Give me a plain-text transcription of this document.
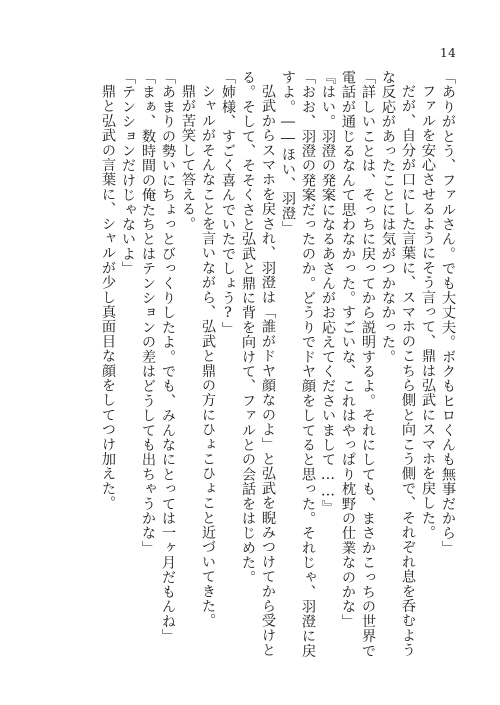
14
「ありがとう、ファルさん。でも大丈夫。ボクもヒロくんも無事だから」
ファルを安心させるようにそう言って、鼎は弘武にスマホを戻した。
だが、自分が口にした言葉に、スマホのこちら側と向こう側で、それぞれ息を呑むよう
な反応があったことには気がつかなかった。
「詳しいことは、そっちに戻ってから説明するよ。それにしても、まさかこっちの世界で
電話が通じるなんて思わなかった。すごいな、これはやっぱり枕野の仕業なのかな」
『はい。羽澄の発案になるあさんがお応えてくださいまして……』
「おお、羽澄の発案だったのか。どうりでドヤ顔をしてると思った。それじゃ、羽澄に戻
すよ。――ほい、羽澄」
弘武からスマホを戻され、羽澄は「誰がドヤ顔なのよ」と弘武を睨みつけてから受けと
る。そして、そそくさと弘武と鼎に背を向けて、ファルとの会話をはじめた。
「姉様、すごく喜んでいたでしょう?」
シャルがそんなことを言いながら、弘武と鼎の方にひょこひょこと近づいてきた。
鼎が苦笑して答える。
「あまりの勢いにちょっとびっくりしたよ。でも、みんなにとっては一ヶ月だもんね」
「まぁ、数時間の俺たちとはテンションの差はどうしても出ちゃうかな」
「テンションだけじゃないよ」
鼎と弘武の言葉に、シャルが少し真面目な顔をしてつけ加えた。
